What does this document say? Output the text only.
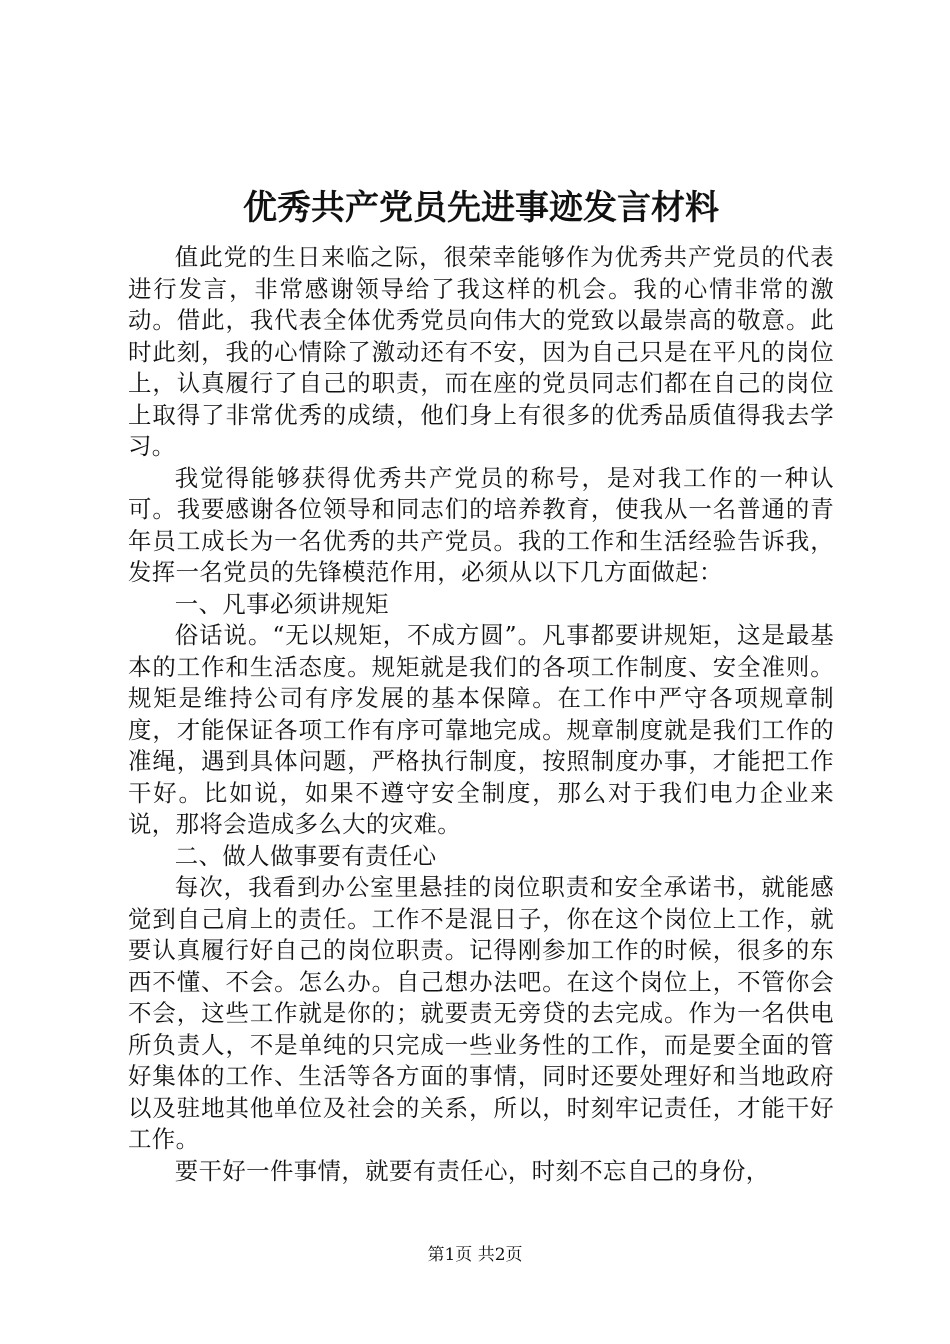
优秀共产党员先进事迹发言材料

值此党的生日来临之际，很荣幸能够作为优秀共产党员的代表进行发言，非常感谢领导给了我这样的机会。我的心情非常的激动。借此，我代表全体优秀党员向伟大的党致以最崇高的敬意。此时此刻，我的心情除了激动还有不安，因为自己只是在平凡的岗位上，认真履行了自己的职责，而在座的党员同志们都在自己的岗位上取得了非常优秀的成绩，他们身上有很多的优秀品质值得我去学习。

我觉得能够获得优秀共产党员的称号，是对我工作的一种认可。我要感谢各位领导和同志们的培养教育，使我从一名普通的青年员工成长为一名优秀的共产党员。我的工作和生活经验告诉我，发挥一名党员的先锋模范作用，必须从以下几方面做起：

一、凡事必须讲规矩

俗话说。“无以规矩，不成方圆”。凡事都要讲规矩，这是最基本的工作和生活态度。规矩就是我们的各项工作制度、安全准则。规矩是维持公司有序发展的基本保障。在工作中严守各项规章制度，才能保证各项工作有序可靠地完成。规章制度就是我们工作的准绳，遇到具体问题，严格执行制度，按照制度办事，才能把工作干好。比如说，如果不遵守安全制度，那么对于我们电力企业来说，那将会造成多么大的灾难。

二、做人做事要有责任心

每次，我看到办公室里悬挂的岗位职责和安全承诺书，就能感觉到自己肩上的责任。工作不是混日子，你在这个岗位上工作，就要认真履行好自己的岗位职责。记得刚参加工作的时候，很多的东西不懂、不会。怎么办。自己想办法吧。在这个岗位上，不管你会不会，这些工作就是你的；就要责无旁贷的去完成。作为一名供电所负责人，不是单纯的只完成一些业务性的工作，而是要全面的管好集体的工作、生活等各方面的事情，同时还要处理好和当地政府以及驻地其他单位及社会的关系，所以，时刻牢记责任，才能干好工作。

要干好一件事情，就要有责任心，时刻不忘自己的身份，

第1页 共2页
